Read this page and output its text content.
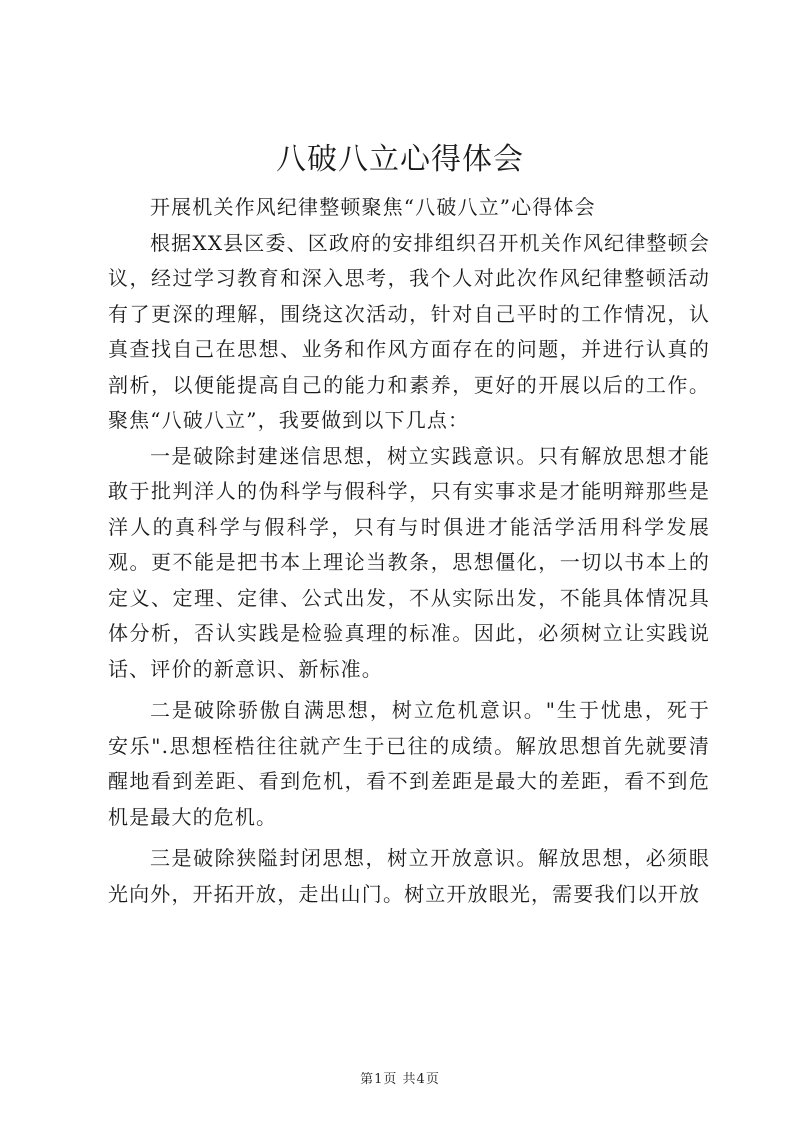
八破八立心得体会

开展机关作风纪律整顿聚焦“八破八立”心得体会

根据XX县区委、区政府的安排组织召开机关作风纪律整顿会议，经过学习教育和深入思考，我个人对此次作风纪律整顿活动有了更深的理解，围绕这次活动，针对自己平时的工作情况，认真查找自己在思想、业务和作风方面存在的问题，并进行认真的剖析，以便能提高自己的能力和素养，更好的开展以后的工作。聚焦“八破八立”，我要做到以下几点：

一是破除封建迷信思想，树立实践意识。只有解放思想才能敢于批判洋人的伪科学与假科学，只有实事求是才能明辩那些是洋人的真科学与假科学，只有与时俱进才能活学活用科学发展观。更不能是把书本上理论当教条，思想僵化，一切以书本上的定义、定理、定律、公式出发，不从实际出发，不能具体情况具体分析，否认实践是检验真理的标准。因此，必须树立让实践说话、评价的新意识、新标准。

二是破除骄傲自满思想，树立危机意识。"生于忧患，死于安乐".思想桎梏往往就产生于已往的成绩。解放思想首先就要清醒地看到差距、看到危机，看不到差距是最大的差距，看不到危机是最大的危机。

三是破除狭隘封闭思想，树立开放意识。解放思想，必须眼光向外，开拓开放，走出山门。树立开放眼光，需要我们以开放

第1页 共4页
